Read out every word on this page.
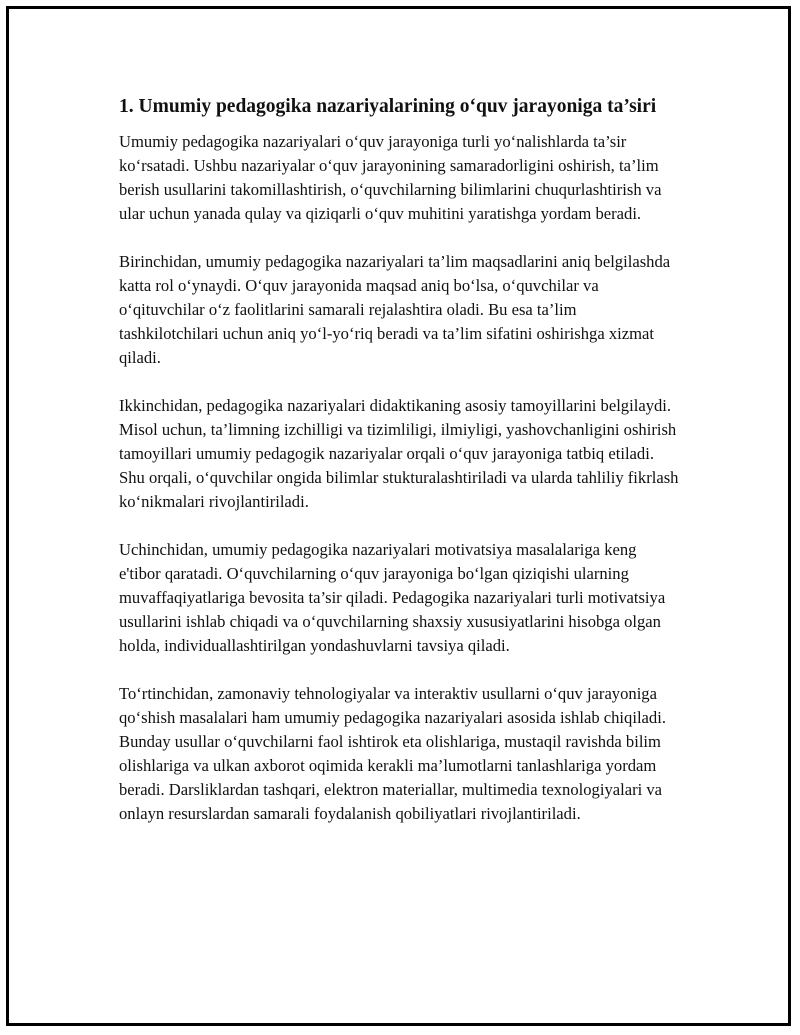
1. Umumiy pedagogika nazariyalarining o‘quv jarayoniga ta’siri

Umumiy pedagogika nazariyalari o‘quv jarayoniga turli yo‘nalishlarda ta’sir ko‘rsatadi. Ushbu nazariyalar o‘quv jarayonining samaradorligini oshirish, ta’lim berish usullarini takomillashtirish, o‘quvchilarning bilimlarini chuqurlashtirish va ular uchun yanada qulay va qiziqarli o‘quv muhitini yaratishga yordam beradi.

Birinchidan, umumiy pedagogika nazariyalari ta’lim maqsadlarini aniq belgilashda katta rol o‘ynaydi. O‘quv jarayonida maqsad aniq bo‘lsa, o‘quvchilar va o‘qituvchilar o‘z faolitlarini samarali rejalashtira oladi. Bu esa ta’lim tashkilotchilari uchun aniq yo‘l-yo‘riq beradi va ta’lim sifatini oshirishga xizmat qiladi.

Ikkinchidan, pedagogika nazariyalari didaktikaning asosiy tamoyillarini belgilaydi. Misol uchun, ta’limning izchilligi va tizimliligi, ilmiyligi, yashovchanligini oshirish tamoyillari umumiy pedagogik nazariyalar orqali o‘quv jarayoniga tatbiq etiladi. Shu orqali, o‘quvchilar ongida bilimlar stukturalashtiriladi va ularda tahliliy fikrlash ko‘nikmalari rivojlantiriladi.

Uchinchidan, umumiy pedagogika nazariyalari motivatsiya masalalariga keng e'tibor qaratadi. O‘quvchilarning o‘quv jarayoniga bo‘lgan qiziqishi ularning muvaffaqiyatlariga bevosita ta’sir qiladi. Pedagogika nazariyalari turli motivatsiya usullarini ishlab chiqadi va o‘quvchilarning shaxsiy xususiyatlarini hisobga olgan holda, individuallashtirilgan yondashuvlarni tavsiya qiladi.

To‘rtinchidan, zamonaviy tehnologiyalar va interaktiv usullarni o‘quv jarayoniga qo‘shish masalalari ham umumiy pedagogika nazariyalari asosida ishlab chiqiladi. Bunday usullar o‘quvchilarni faol ishtirok eta olishlariga, mustaqil ravishda bilim olishlariga va ulkan axborot oqimida kerakli ma’lumotlarni tanlashlariga yordam beradi. Darsliklardan tashqari, elektron materiallar, multimedia texnologiyalari va onlayn resurslardan samarali foydalanish qobiliyatlari rivojlantiriladi.
